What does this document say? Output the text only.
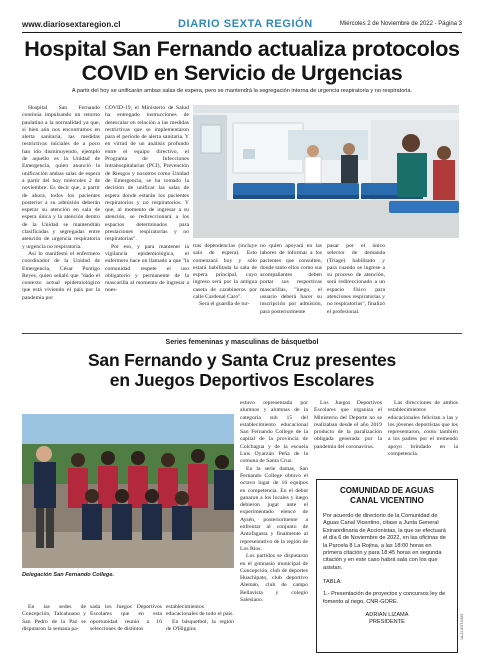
www.diariosextaregion.cl	DIARIO SEXTA REGIÓN	Miércoles 2 de Noviembre de 2022 - Página 3
Hospital San Fernando actualiza protocolos
COVID en Servicio de Urgencias
A partir del hoy se unificarán ambas salas de espera, pero se mantendrá la segregación interna de urgencia respiratoria y no respiratoria.
Hospital San Fernando continúa impulsando un retorno paulatino a la normalidad ya que, si bien aún nos encontramos en alerta sanitaria, las medidas restrictivas iniciales de a poco han ido disminuyendo, ejemplo de aquello es la Unidad de Emergencia, quien anunció la unificación ambas salas de espera a partir del hoy miércoles 2 de noviembre. Es decir que, a partir de ahora, todos los pacientes posterior a su admisión deberán esperar su atención en sala de espera única y la atención dentro de la Unidad se mantendrán clasificadas y segregadas entre atención de urgencia respiratoria y urgencia no respiratoria.
Así lo manifestó el enfermero coordinador de la Unidad de Emergencia, César Pontigo Reyes, quien señaló que "dado el contexto actual epidemiológico que está viviendo el país por la pandemia por
COVID-19, el Ministerio de Salud ha entregado instrucciones de desescalar en relación a las medidas restrictivas que se implementaron para el período de alerta sanitaria. Y en virtud de un análisis profundo entre el equipo directivo, el Programa de Infecciones Intrahospitalarias (PCI), Prevención de Riesgos y nosotros como Unidad de Emergencia, se ha tomado la decisión de unificar las salas de espera donde estarán los pacientes respiratorios y no respiratorios. Y que, al momento de ingresar a su atención, se redireccionará a los espacios determinados para prestaciones respiratorias y no respiratorias".
Por eso, y para mantener la vigilancia epidemiológica, el enfermero hace un llamado a que "la comunidad respete el uso obligatorio y permanente de la mascarilla al momento de ingresar a nues-
tras dependencias (incluye sala de espera). Esto comenzará hoy y sólo estará habilitada la sala de espera principal, cuyo ingreso será por la antigua caseta de carabineros por calle Cardenal Caro".
Será el guardia de tur-
no quien apoyará en las labores de informar a los pacientes que consulten, donde tanto ellos como sus acompañantes deben portar sus respectivas mascarillas, "luego, el usuario deberá hacer su inscripción por admisión, para posteriormente
pasar por el único selector de demanda (Triage) habilitado y para cuando se ingrese a su proceso de atención, será redireccionado a un espacio físico para atenciones respiratorias y no respiratorias", finalizó el profesional.
Series femeninas y masculinas de básquetbol
San Fernando y Santa Cruz presentes
en Juegos Deportivos Escolares
Delegación San Fernando College.
En las sedes de Concepción, Talcahuano y San Pedro de la Paz se disputaron la semana pa-
sada los Juegos Deportivos Escolares que en esta oportunidad reunió a 16 selecciones de distintos
establecimientos educacionales de todo el país.
En básquetbol, la región de O'Higgins
estuvo representada por alumnos y alumnas de la categoría sub 15 del establecimiento educacional San Fernando College de la capital de la provincia de Colchagua y de la escuela Luis Oyarzún Peña de la comuna de Santa Cruz.
En la serie damas, San Fernando College obtuvo el octavo lugar de 16 equipos en competencia. En el debut ganaron a los locales y luego debieron jugar ante el experimentado elenco de Aysén, posteriormente a enfrentar al conjunto de Antofagasta y finalmente al representativo de la región de Los Ríos.
Los partidos se disputaron en el gimnasio municipal de Concepción, club de deportes Huachipato, club deportivo Alemán, club de campo Bellavista y colegio Salesiano.
Los Juegos Deportivos Escolares que organiza el Ministerio del Deporte no se realizaban desde el año 2019 producto de la paralización obligada generada por la pandemia del coronavirus.
Las direcciones de ambos establecimientos educacionales felicitan a las y los jóvenes deportistas que los representaron, como también a los padres por el tremendo apoyo brindado en la competencia.
COMUNIDAD DE AGUAS
CANAL VICENTINO
Por acuerdo de directorio de la Comunidad de Aguas Canal Vicentino, citase a Junta General Extraordinaria de Accionistas, la que se efectuará el día 6 de Noviembre de 2022, en las oficinas de la Parcela 8 La Rojina, a las 18:00 horas en primera citación y para 18:45 horas en segunda citación y en este caso habrá sala con los que asistan.
TABLA:
1.- Presentación de proyectos y concursos ley de fomento al riego, CNR-GORE.
ADRIAN LIZAMA
PRESIDENTE	1A-21-EXT-0323
